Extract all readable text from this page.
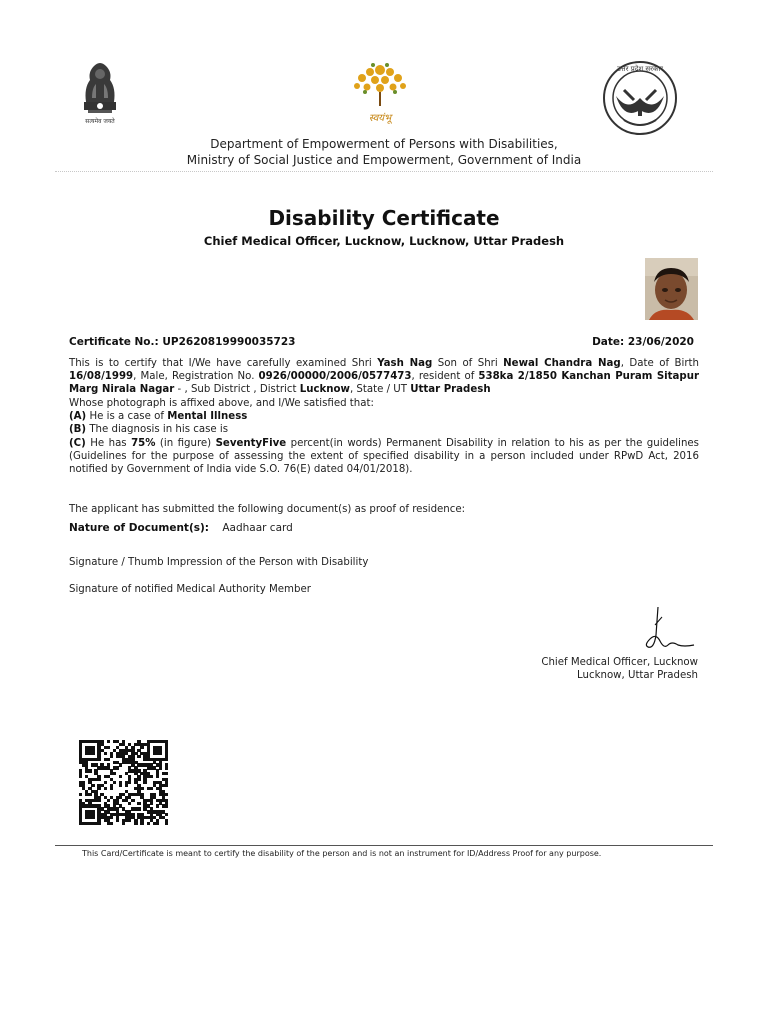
सत्यमेव जयते	स्वयंभू
उत्तर प्रदेश सरकार
Department of Empowerment of Persons with Disabilities,
Ministry of Social Justice and Empowerment, Government of India
Disability Certificate
Chief Medical Officer, Lucknow, Lucknow, Uttar Pradesh
Certificate No.: UP2620819990035723	Date: 23/06/2020
This is to certify that I/We have carefully examined Shri Yash Nag Son of Shri Newal Chandra Nag, Date of Birth 16/08/1999, Male, Registration No. 0926/00000/2006/0577473, resident of 538ka 2/1850 Kanchan Puram Sitapur Marg Nirala Nagar - , Sub District , District Lucknow, State / UT Uttar Pradesh
Whose photograph is affixed above, and I/We satisfied that:
(A) He is a case of Mental Illness
(B) The diagnosis in his case is
(C) He has 75% (in figure) SeventyFive percent(in words) Permanent Disability in relation to his as per the guidelines (Guidelines for the purpose of assessing the extent of specified disability in a person included under RPwD Act, 2016 notified by Government of India vide S.O. 76(E) dated 04/01/2018).
The applicant has submitted the following document(s) as proof of residence:
Nature of Document(s): Aadhaar card
Signature / Thumb Impression of the Person with Disability
Signature of notified Medical Authority Member
Chief Medical Officer, Lucknow
Lucknow, Uttar Pradesh
This Card/Certificate is meant to certify the disability of the person and is not an instrument for ID/Address Proof for any purpose.
